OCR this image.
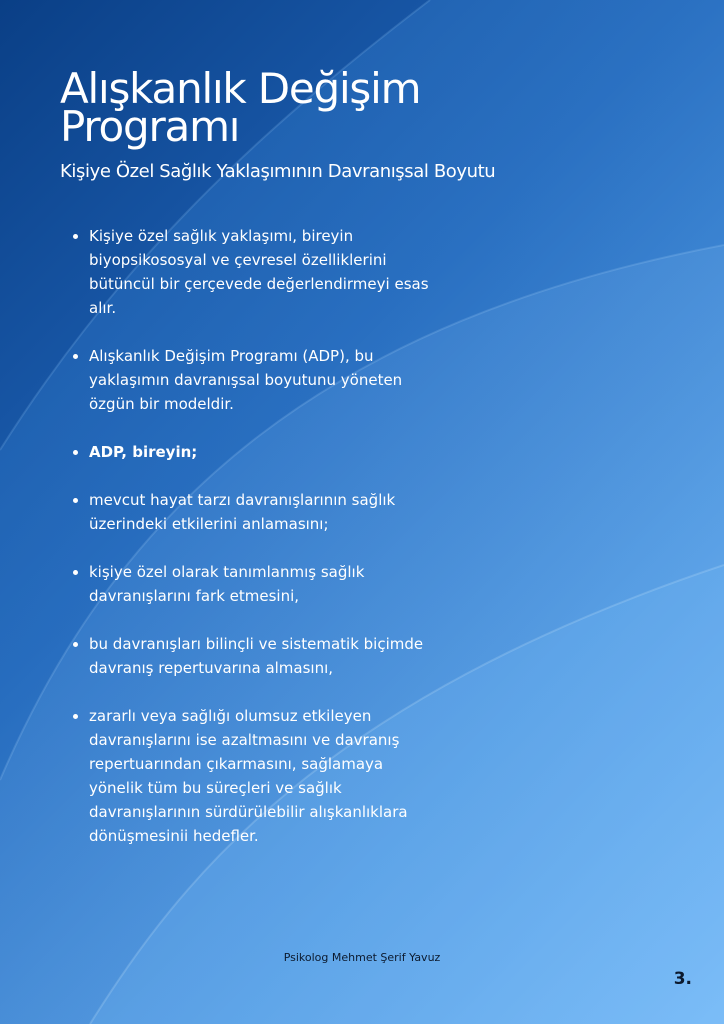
Alışkanlık Değişim Programı
Kişiye Özel Sağlık Yaklaşımının Davranışsal Boyutu
Kişiye özel sağlık yaklaşımı, bireyin biyopsikososyal ve çevresel özelliklerini bütüncül bir çerçevede değerlendirmeyi esas alır.
Alışkanlık Değişim Programı (ADP), bu yaklaşımın davranışsal boyutunu yöneten özgün bir modeldir.
ADP, bireyin;
mevcut hayat tarzı davranışlarının sağlık üzerindeki etkilerini anlamasını;
kişiye özel olarak tanımlanmış sağlık davranışlarını fark etmesini,
bu davranışları bilinçli ve sistematik biçimde davranış repertuvarına almasını,
zararlı veya sağlığı olumsuz etkileyen davranışlarını ise azaltmasını ve davranış repertuarından çıkarmasını, sağlamaya yönelik tüm bu süreçleri ve sağlık davranışlarının sürdürülebilir alışkanlıklara dönüşmesinii hedefler.
Psikolog Mehmet Şerif Yavuz
3.
